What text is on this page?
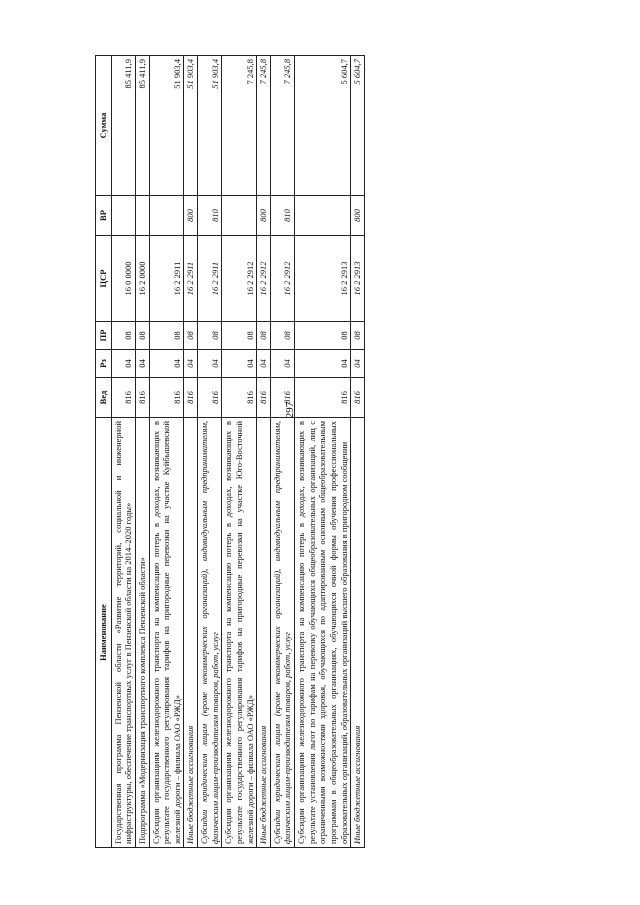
297
Наименование	Вед	Рз	ПР	ЦСР	ВР	Сумма
Государственная программа Пензенской области «Развитие территорий, социальной и инженерной инфраструктуры, обеспечение транспортных услуг в Пензенской области на 2014–2020 годы»	816	04	08	16 0 0000		85 411,9
Подпрограмма «Модернизация транспортного комплекса Пензенской области»	816	04	08	16 2 0000		85 411,9
Субсидии организациям железнодорожного транспорта на компенсацию потерь в доходах, возникающих в результате государственного регулирования тарифов на пригородные перевозки на участке Куйбышевской железной дороги – филиала ОАО «РЖД»	816	04	08	16 2 2911		51 903,4
Иные бюджетные ассигнования	816	04	08	16 2 2911	800	51 903,4
Субсидии юридическим лицам (кроме некоммерческих организаций), индивидуальным предпринимателям, физическим лицам-производителям товаров, работ, услуг	816	04	08	16 2 2911	810	51 903,4
Субсидии организациям железнодорожного транспорта на компенсацию потерь в доходах, возникающих в результате государственного регулирования тарифов на пригородные перевозки на участке Юго-Восточной железной дороги – филиала ОАО «РЖД»	816	04	08	16 2 2912		7 245,8
Иные бюджетные ассигнования	816	04	08	16 2 2912	800	7 245,8
Субсидии юридическим лицам (кроме некоммерческих организаций), индивидуальным предпринимателям, физическим лицам-производителям товаров, работ, услуг	816	04	08	16 2 2912	810	7 245,8
Субсидии организациям железнодорожного транспорта на компенсацию потерь в доходах, возникающих в результате установления льгот по тарифам на перевозку обучающихся общеобразовательных организаций, лиц с ограниченными возможностями здоровья, обучающихся по адаптированным основным общеобразовательным программам в общеобразовательных организациях, обучающихся очной формы обучения профессиональных образовательных организаций, образовательных организаций высшего образования в пригородном сообщении	816	04	08	16 2 2913		5 604,7
Иные бюджетные ассигнования	816	04	08	16 2 2913	800	5 604,7
